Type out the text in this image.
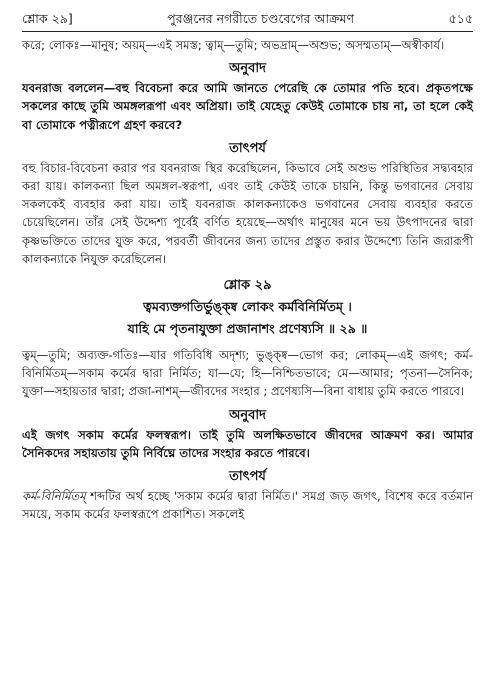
শ্লোক ২৯]	পুরঞ্জনের নগরীতে চণ্ডবেগের আক্রমণ	৫১৫

করে; লোকঃ—মানুষ; অয়ম্—এই সমস্ত; ত্বাম্—তুমি; অভদ্রাম্—অশুভ; অসম্মতাম্—অস্বীকার্য।

অনুবাদ

যবনরাজ বললেন—বহু বিবেচনা করে আমি জানতে পেরেছি কে তোমার পতি হবে। প্রকৃতপক্ষে সকলের কাছে তুমি অমঙ্গলরূপা এবং অপ্রিয়া। তাই যেহেতু কেউই তোমাকে চায় না, তা হলে কেই বা তোমাকে পত্নীরূপে গ্রহণ করবে?

তাৎপর্য

বহু বিচার-বিবেচনা করার পর যবনরাজ স্থির করেছিলেন, কিভাবে সেই অশুভ পরিস্থিতির সদ্ব্যবহার করা যায়। কালকন্যা ছিল অমঙ্গল-স্বরূপা, এবং তাই কেউই তাকে চায়নি, কিন্তু ভগবানের সেবায় সকলকেই ব্যবহার করা যায়। তাই যবনরাজ কালকন্যাকেও ভগবানের সেবায় ব্যবহার করতে চেয়েছিলেন। তাঁর সেই উদ্দেশ্য পূর্বেই বর্ণিত হয়েছে—অর্থাৎ মানুষের মনে ভয় উৎপাদনের দ্বারা কৃষ্ণভক্তিতে তাদের যুক্ত করে, পরবর্তী জীবনের জন্য তাদের প্রস্তুত করার উদ্দেশ্যে তিনি জরারূপী কালকন্যাকে নিযুক্ত করেছিলেন।

শ্লোক ২৯
ত্বমব্যক্তগতির্ভুঙ্ক্ষ্ব লোকং কর্মবিনির্মিতম্ ।
যাহি মে পৃতনাযুক্তা প্রজানাশং প্রণেষ্যসি ॥ ২৯ ॥

ত্বম্—তুমি; অব্যক্ত-গতিঃ—যার গতিবিধি অদৃশ্য; ভুঙ্ক্ষ্ব—ভোগ কর; লোকম্—এই জগৎ; কর্ম-বিনির্মিতম্—সকাম কর্মের দ্বারা নির্মিত; যা—যে; হি—নিশ্চিতভাবে; মে—আমার; পৃতনা—সৈনিক; যুক্তা—সহায়তার দ্বারা; প্রজা-নাশম্—জীবদের সংহার ; প্রণেষ্যসি—বিনা বাধায় তুমি করতে পারবে।

অনুবাদ

এই জগৎ সকাম কর্মের ফলস্বরূপ। তাই তুমি অলক্ষিতভাবে জীবদের আক্রমণ কর। আমার সৈনিকদের সহায়তায় তুমি নির্বিঘ্নে তাদের সংহার করতে পারবে।

তাৎপর্য

কর্ম-বিনির্মিতম্ শব্দটির অর্থ হচ্ছে 'সকাম কর্মের দ্বারা নির্মিত।' সমগ্র জড় জগৎ, বিশেষ করে বর্তমান সময়ে, সকাম কর্মের ফলস্বরূপে প্রকাশিত। সকলেই
